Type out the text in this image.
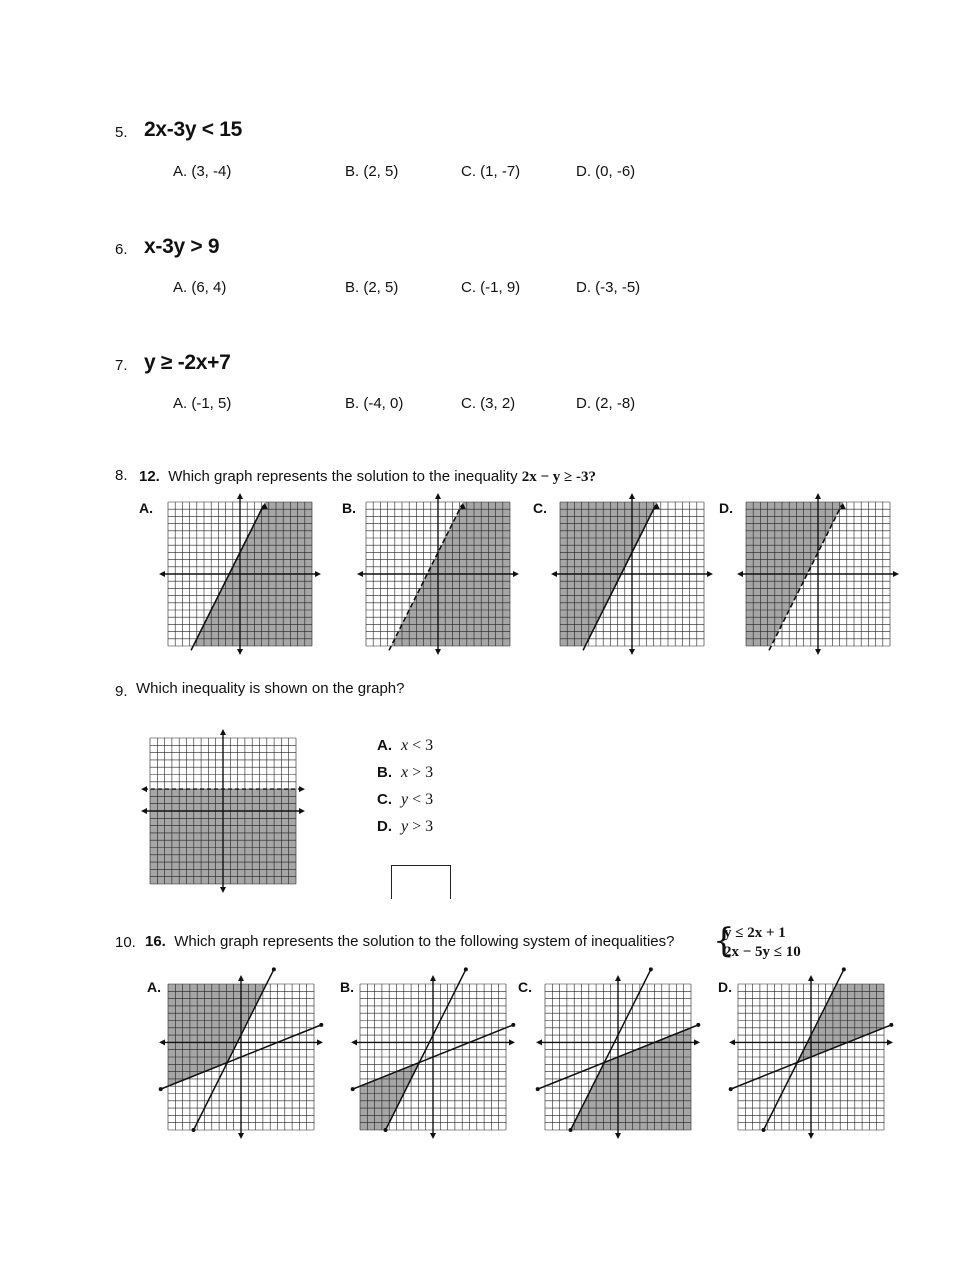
5. 2x-3y < 15
A. (3, -4)	B. (2, 5)	C. (1, -7)	D. (0, -6)
6. x-3y > 9
A. (6, 4)	B. (2, 5)	C. (-1, 9)	D. (-3, -5)
7. y ≥ -2x+7
A. (-1, 5)	B. (-4, 0)	C. (3, 2)	D. (2, -8)
8. 12. Which graph represents the solution to the inequality 2x − y ≥ -3?
A.	B.	C.	D.
9. Which inequality is shown on the graph?
A. x < 3
B. x > 3
C. y < 3
D. y > 3
10. 16. Which graph represents the solution to the following system of inequalities? {
y ≤ 2x + 1
2x − 5y ≤ 10
A.	B.	C.	D.
